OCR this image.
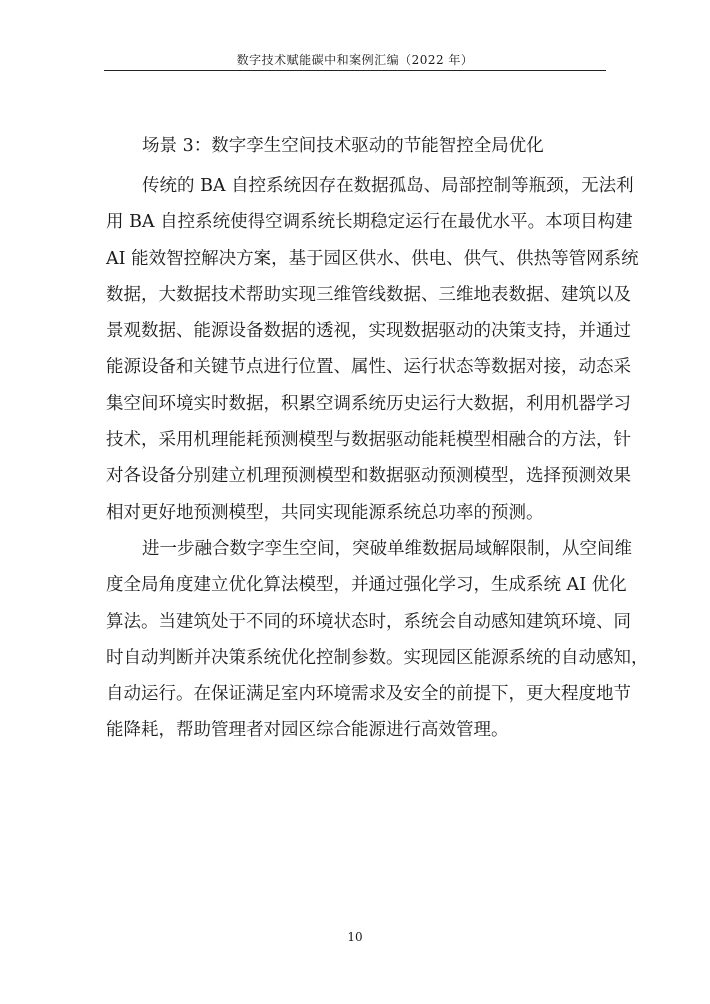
数字技术赋能碳中和案例汇编（2022 年）
场景 3：数字孪生空间技术驱动的节能智控全局优化

传统的 BA 自控系统因存在数据孤岛、局部控制等瓶颈，无法利
用 BA 自控系统使得空调系统长期稳定运行在最优水平。本项目构建
AI 能效智控解决方案，基于园区供水、供电、供气、供热等管网系统
数据，大数据技术帮助实现三维管线数据、三维地表数据、建筑以及
景观数据、能源设备数据的透视，实现数据驱动的决策支持，并通过
能源设备和关键节点进行位置、属性、运行状态等数据对接，动态采
集空间环境实时数据，积累空调系统历史运行大数据，利用机器学习
技术，采用机理能耗预测模型与数据驱动能耗模型相融合的方法，针
对各设备分别建立机理预测模型和数据驱动预测模型，选择预测效果
相对更好地预测模型，共同实现能源系统总功率的预测。

进一步融合数字孪生空间，突破单维数据局域解限制，从空间维
度全局角度建立优化算法模型，并通过强化学习，生成系统 AI 优化
算法。当建筑处于不同的环境状态时，系统会自动感知建筑环境、同
时自动判断并决策系统优化控制参数。实现园区能源系统的自动感知，
自动运行。在保证满足室内环境需求及安全的前提下，更大程度地节
能降耗，帮助管理者对园区综合能源进行高效管理。

10
